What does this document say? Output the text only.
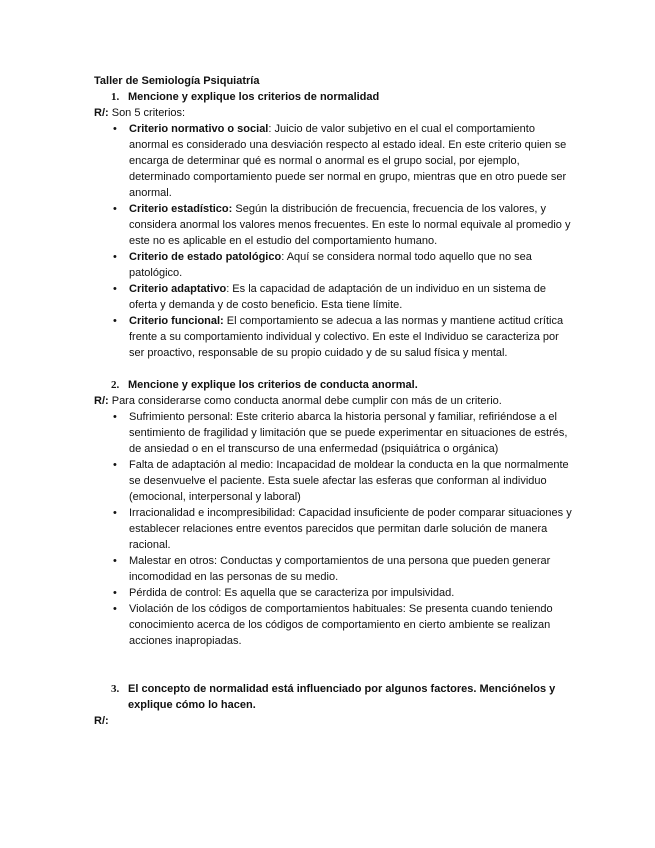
Taller de Semiología Psiquiatría
1. Mencione y explique los criterios de normalidad
R/: Son 5 criterios:
• Criterio normativo o social: Juicio de valor subjetivo en el cual el comportamiento anormal es considerado una desviación respecto al estado ideal. En este criterio quien se encarga de determinar qué es normal o anormal es el grupo social, por ejemplo, determinado comportamiento puede ser normal en grupo, mientras que en otro puede ser anormal.
• Criterio estadístico: Según la distribución de frecuencia, frecuencia de los valores, y considera anormal los valores menos frecuentes. En este lo normal equivale al promedio y este no es aplicable en el estudio del comportamiento humano.
• Criterio de estado patológico: Aquí se considera normal todo aquello que no sea patológico.
• Criterio adaptativo: Es la capacidad de adaptación de un individuo en un sistema de oferta y demanda y de costo beneficio. Esta tiene límite.
• Criterio funcional: El comportamiento se adecua a las normas y mantiene actitud crítica frente a su comportamiento individual y colectivo. En este el Individuo se caracteriza por ser proactivo, responsable de su propio cuidado y de su salud física y mental.
2. Mencione y explique los criterios de conducta anormal.
R/: Para considerarse como conducta anormal debe cumplir con más de un criterio.
• Sufrimiento personal: Este criterio abarca la historia personal y familiar, refiriéndose a el sentimiento de fragilidad y limitación que se puede experimentar en situaciones de estrés, de ansiedad o en el transcurso de una enfermedad (psiquiátrica o orgánica)
• Falta de adaptación al medio: Incapacidad de moldear la conducta en la que normalmente se desenvuelve el paciente. Esta suele afectar las esferas que conforman al individuo (emocional, interpersonal y laboral)
• Irracionalidad e incompresibilidad: Capacidad insuficiente de poder comparar situaciones y establecer relaciones entre eventos parecidos que permitan darle solución de manera racional.
• Malestar en otros: Conductas y comportamientos de una persona que pueden generar incomodidad en las personas de su medio.
• Pérdida de control: Es aquella que se caracteriza por impulsividad.
• Violación de los códigos de comportamientos habituales: Se presenta cuando teniendo conocimiento acerca de los códigos de comportamiento en cierto ambiente se realizan acciones inapropiadas.
3. El concepto de normalidad está influenciado por algunos factores. Menciónelos y explique cómo lo hacen.
R/:
